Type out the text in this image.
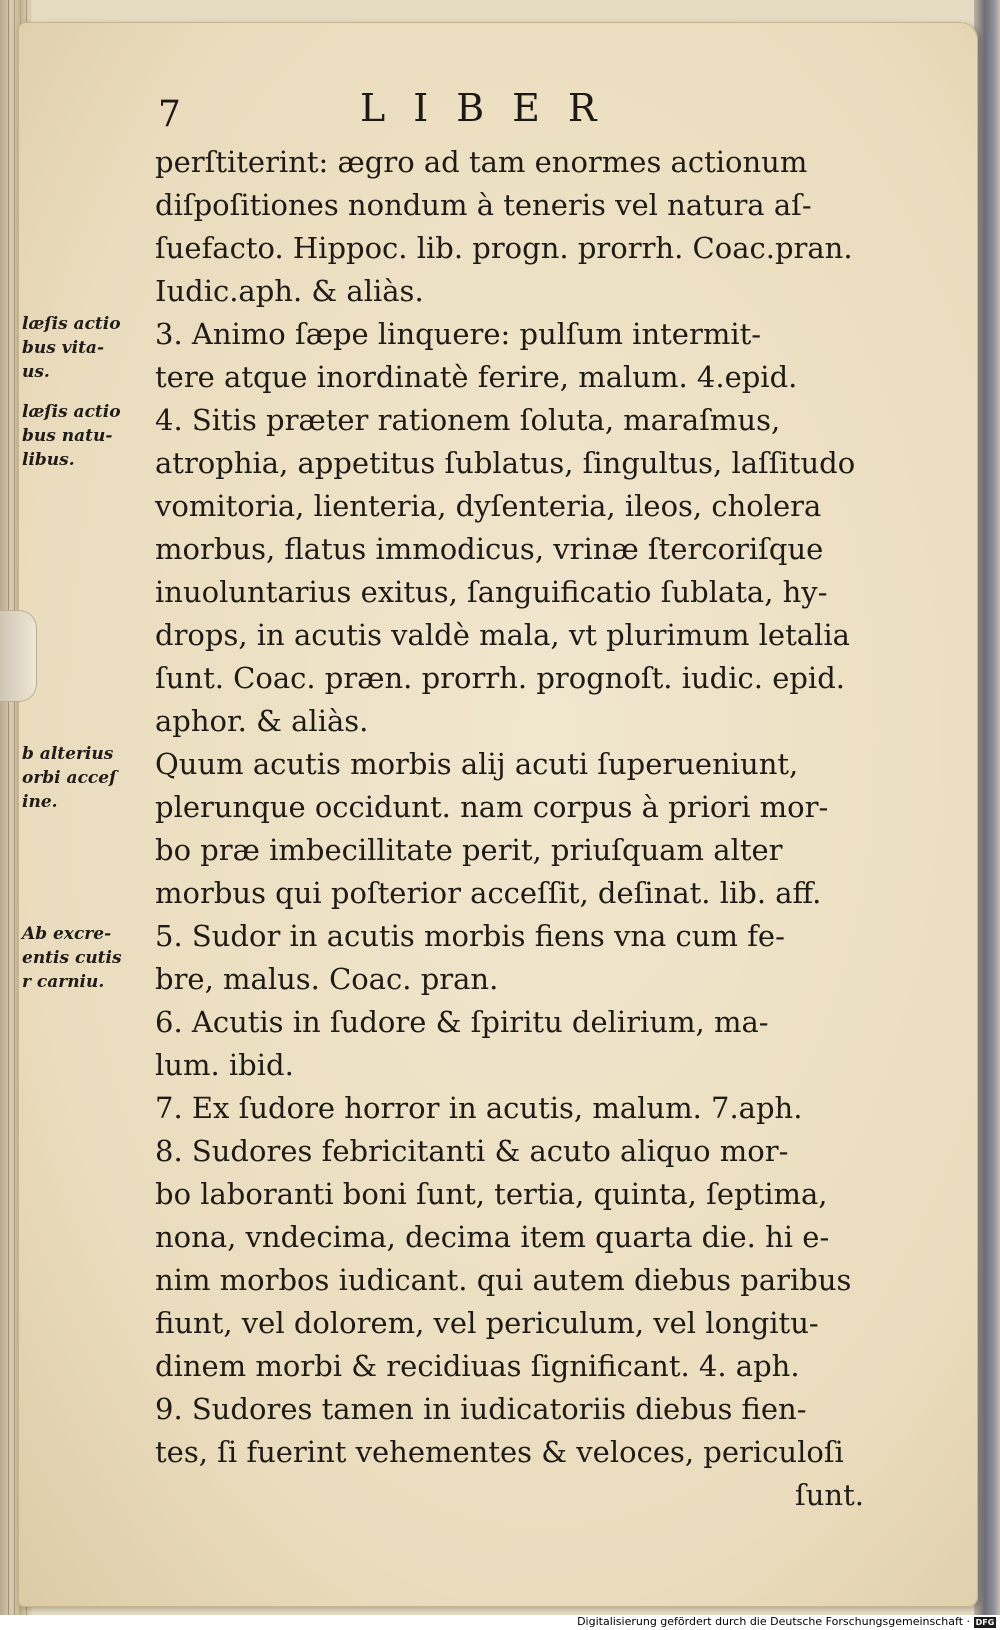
7	LIBER
perſtiterint: ægro ad tam enormes actionum
diſpoſitiones nondum à teneris vel natura aſ-
ſuefacto. Hippoc. lib. progn. prorrh. Coac.pran.
Iudic.aph. & aliàs.
3. Animo ſæpe linquere: pulſum intermit-
tere atque inordinatè ferire, malum. 4.epid.
4. Sitis præter rationem ſoluta, maraſmus,
atrophia, appetitus ſublatus, ſingultus, laſſitudo
vomitoria, lienteria, dyſenteria, ileos, cholera
morbus, flatus immodicus, vrinæ ſtercoriſque
inuoluntarius exitus, ſanguificatio ſublata, hy-
drops, in acutis valdè mala, vt plurimum letalia
ſunt. Coac. præn. prorrh. prognoſt. iudic. epid.
aphor. & aliàs.
Quum acutis morbis alij acuti ſuperueniunt,
plerunque occidunt. nam corpus à priori mor-
bo præ imbecillitate perit, priuſquam alter
morbus qui poſterior acceſſit, deſinat. lib. aff.
5. Sudor in acutis morbis fiens vna cum fe-
bre, malus. Coac. pran.
6. Acutis in ſudore & ſpiritu delirium, ma-
lum. ibid.
7. Ex ſudore horror in acutis, malum. 7.aph.
8. Sudores febricitanti & acuto aliquo mor-
bo laboranti boni ſunt, tertia, quinta, ſeptima,
nona, vndecima, decima item quarta die. hi e-
nim morbos iudicant. qui autem diebus paribus
fiunt, vel dolorem, vel periculum, vel longitu-
dinem morbi & recidiuas ſignificant. 4. aph.
9. Sudores tamen in iudicatoriis diebus fien-
tes, ſi fuerint vehementes & veloces, periculoſi
ſunt.
læſis actio
bus vita-
us.
læſis actio
bus natu-
libus.
b alterius
orbi acceſ
ine.
Ab excre-
entis cutis
r carniu.
Digitalisierung gefördert durch die Deutsche Forschungsgemeinschaft · DFG
